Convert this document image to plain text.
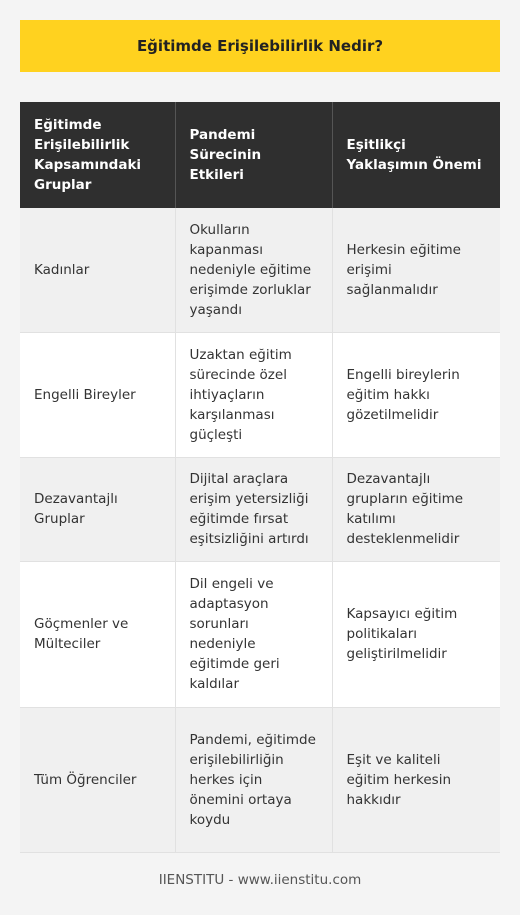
Eğitimde Erişilebilirlik Nedir?
Eğitimde Erişilebilirlik Kapsamındaki Gruplar	Pandemi Sürecinin Etkileri	Eşitlikçi Yaklaşımın Önemi
Kadınlar	Okulların kapanması nedeniyle eğitime erişimde zorluklar yaşandı	Herkesin eğitime erişimi sağlanmalıdır
Engelli Bireyler	Uzaktan eğitim sürecinde özel ihtiyaçların karşılanması güçleşti	Engelli bireylerin eğitim hakkı gözetilmelidir
Dezavantajlı Gruplar	Dijital araçlara erişim yetersizliği eğitimde fırsat eşitsizliğini artırdı	Dezavantajlı grupların eğitime katılımı desteklenmelidir
Göçmenler ve Mülteciler	Dil engeli ve adaptasyon sorunları nedeniyle eğitimde geri kaldılar	Kapsayıcı eğitim politikaları geliştirilmelidir
Tüm Öğrenciler	Pandemi, eğitimde erişilebilirliğin herkes için önemini ortaya koydu	Eşit ve kaliteli eğitim herkesin hakkıdır
IIENSTITU - www.iienstitu.com
